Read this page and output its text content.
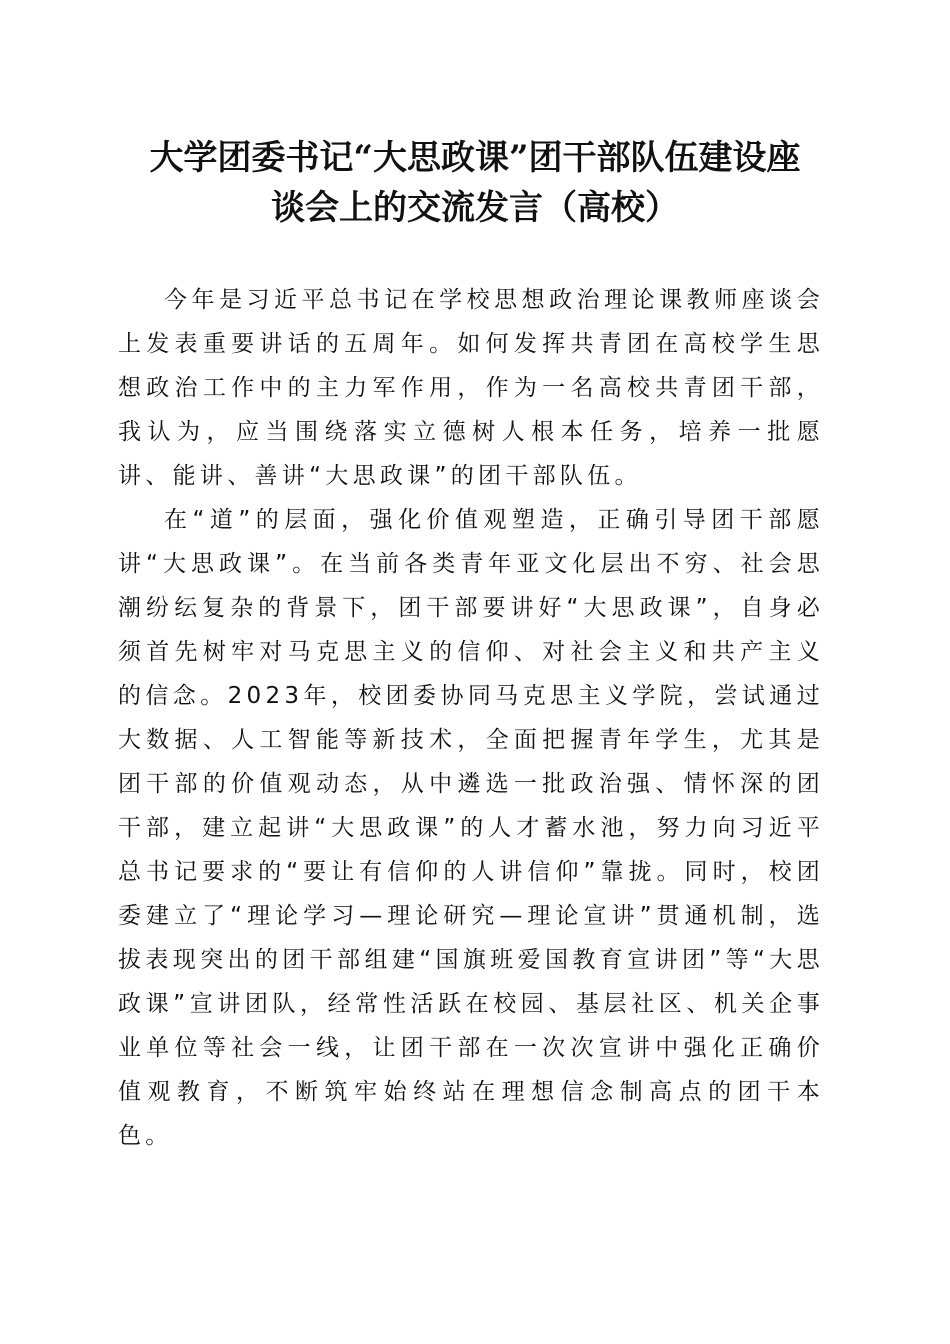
大学团委书记“大思政课”团干部队伍建设座
谈会上的交流发言（高校）

今年是习近平总书记在学校思想政治理论课教师座谈会上发表重要讲话的五周年。如何发挥共青团在高校学生思想政治工作中的主力军作用，作为一名高校共青团干部，我认为，应当围绕落实立德树人根本任务，培养一批愿讲、能讲、善讲“大思政课”的团干部队伍。

在“道”的层面，强化价值观塑造，正确引导团干部愿讲“大思政课”。在当前各类青年亚文化层出不穷、社会思潮纷纭复杂的背景下，团干部要讲好“大思政课”，自身必须首先树牢对马克思主义的信仰、对社会主义和共产主义的信念。2023年，校团委协同马克思主义学院，尝试通过大数据、人工智能等新技术，全面把握青年学生，尤其是团干部的价值观动态，从中遴选一批政治强、情怀深的团干部，建立起讲“大思政课”的人才蓄水池，努力向习近平总书记要求的“要让有信仰的人讲信仰”靠拢。同时，校团委建立了“理论学习—理论研究—理论宣讲”贯通机制，选拔表现突出的团干部组建“国旗班爱国教育宣讲团”等“大思政课”宣讲团队，经常性活跃在校园、基层社区、机关企事业单位等社会一线，让团干部在一次次宣讲中强化正确价值观教育，不断筑牢始终站在理想信念制高点的团干本色。
